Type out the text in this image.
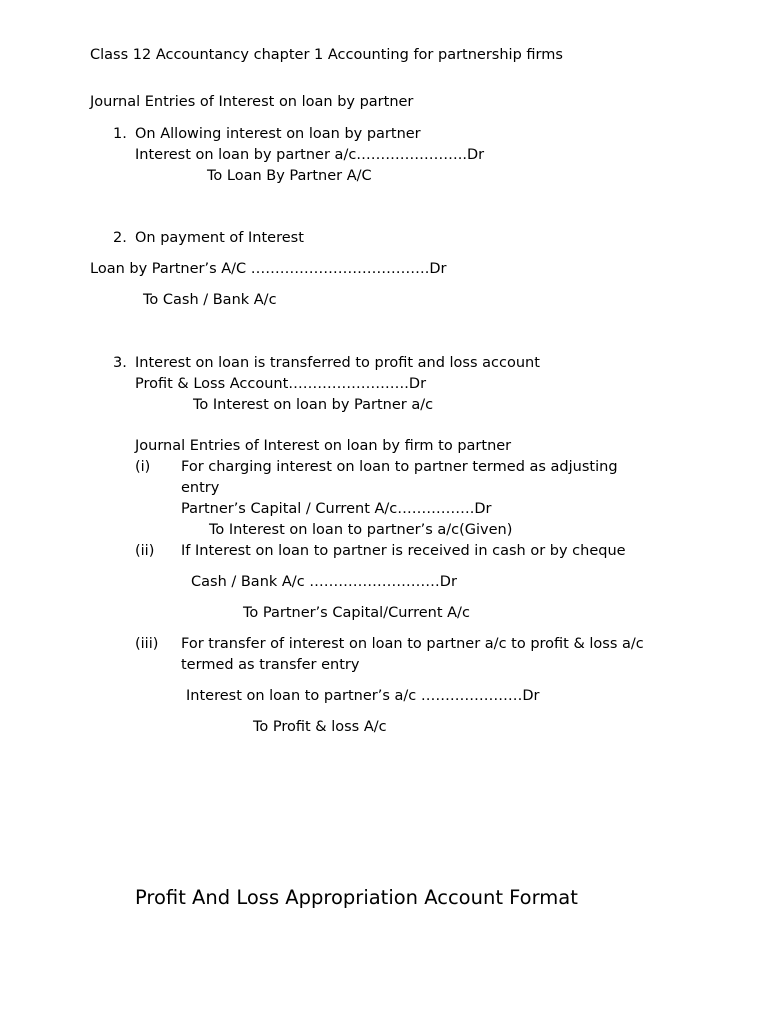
Class 12 Accountancy chapter 1 Accounting for partnership firms
Journal Entries of Interest on loan by partner
1. On Allowing interest on loan by partner
Interest on loan by partner a/c…………………..Dr
To Loan By Partner A/C
2. On payment of Interest
Loan by Partner’s A/C ……………………………….Dr
To Cash / Bank A/c
3. Interest on loan is transferred to profit and loss account
Profit & Loss Account…………………….Dr
To Interest on loan by Partner a/c
Journal Entries of Interest on loan by firm to partner
(i) For charging interest on loan to partner termed as adjusting
entry
Partner’s Capital / Current A/c…………….Dr
To Interest on loan to partner’s a/c(Given)
(ii) If Interest on loan to partner is received in cash or by cheque
Cash / Bank A/c ………………………Dr
To Partner’s Capital/Current A/c
(iii) For transfer of interest on loan to partner a/c to profit & loss a/c
termed as transfer entry
Interest on loan to partner’s a/c …………………Dr
To Profit & loss A/c
Profit And Loss Appropriation Account Format
